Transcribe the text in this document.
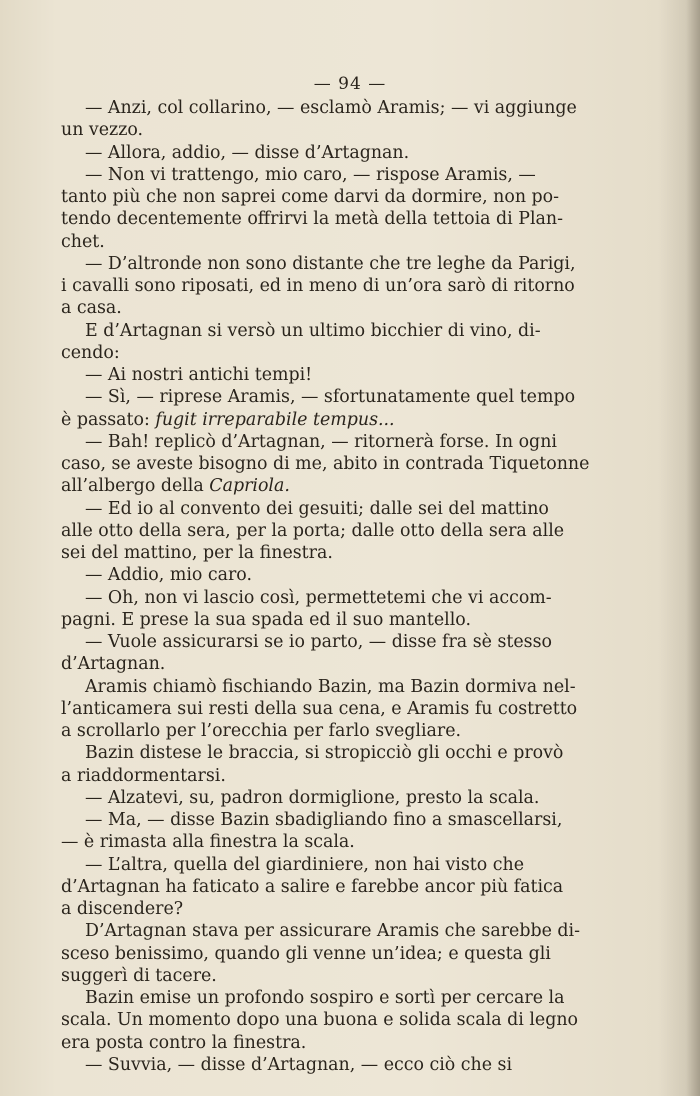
— 94 —

— Anzi, col collarino, — esclamò Aramis; — vi aggiunge

un vezzo.

— Allora, addio, — disse d’Artagnan.

— Non vi trattengo, mio caro, — rispose Aramis, —

tanto più che non saprei come darvi da dormire, non po-

tendo decentemente offrirvi la metà della tettoia di Plan-

chet.

— D’altronde non sono distante che tre leghe da Parigi,

i cavalli sono riposati, ed in meno di un’ora sarò di ritorno

a casa.

E d’Artagnan si versò un ultimo bicchier di vino, di-

cendo:

— Ai nostri antichi tempi!

— Sì, — riprese Aramis, — sfortunatamente quel tempo

è passato: fugit irreparabile tempus...

— Bah! replicò d’Artagnan, — ritornerà forse. In ogni

caso, se aveste bisogno di me, abito in contrada Tiquetonne

all’albergo della Capriola.

— Ed io al convento dei gesuiti; dalle sei del mattino

alle otto della sera, per la porta; dalle otto della sera alle

sei del mattino, per la finestra.

— Addio, mio caro.

— Oh, non vi lascio così, permettetemi che vi accom-

pagni. E prese la sua spada ed il suo mantello.

— Vuole assicurarsi se io parto, — disse fra sè stesso

d’Artagnan.

Aramis chiamò fischiando Bazin, ma Bazin dormiva nel-

l’anticamera sui resti della sua cena, e Aramis fu costretto

a scrollarlo per l’orecchia per farlo svegliare.

Bazin distese le braccia, si stropicciò gli occhi e provò

a riaddormentarsi.

— Alzatevi, su, padron dormiglione, presto la scala.

— Ma, — disse Bazin sbadigliando fino a smascellarsi,

— è rimasta alla finestra la scala.

— L’altra, quella del giardiniere, non hai visto che

d’Artagnan ha faticato a salire e farebbe ancor più fatica

a discendere?

D’Artagnan stava per assicurare Aramis che sarebbe di-

sceso benissimo, quando gli venne un’idea; e questa gli

suggerì di tacere.

Bazin emise un profondo sospiro e sortì per cercare la

scala. Un momento dopo una buona e solida scala di legno

era posta contro la finestra.

— Suvvia, — disse d’Artagnan, — ecco ciò che si
